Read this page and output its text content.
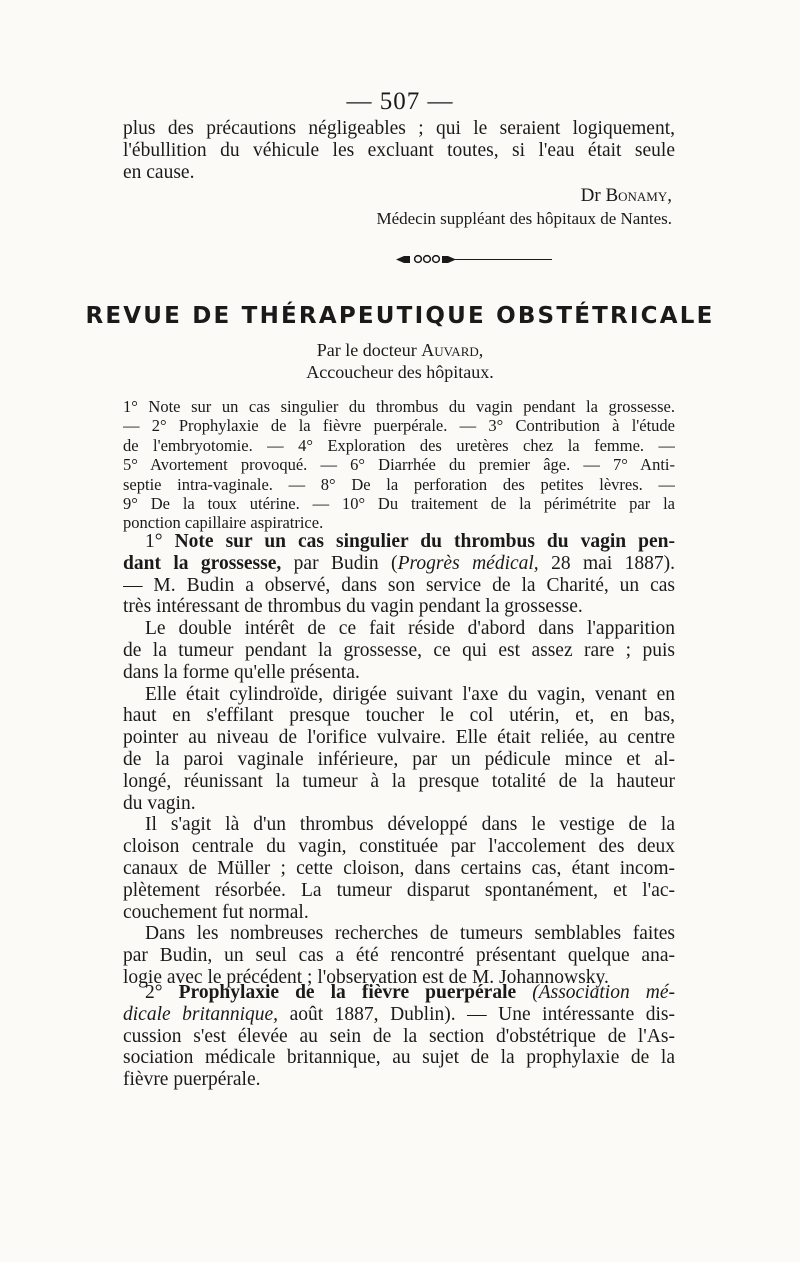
— 507 —
plus des précautions négligeables ; qui le seraient logiquement,
l'ébullition du véhicule les excluant toutes, si l'eau était seule
en cause.
Dr Bonamy,
Médecin suppléant des hôpitaux de Nantes.
REVUE DE THÉRAPEUTIQUE OBSTÉTRICALE
Par le docteur Auvard,
Accoucheur des hôpitaux.
1° Note sur un cas singulier du thrombus du vagin pendant la grossesse.
— 2° Prophylaxie de la fièvre puerpérale. — 3° Contribution à l'étude
de l'embryotomie. — 4° Exploration des uretères chez la femme. —
5° Avortement provoqué. — 6° Diarrhée du premier âge. — 7° Anti-
septie intra-vaginale. — 8° De la perforation des petites lèvres. —
9° De la toux utérine. — 10° Du traitement de la périmétrite par la
ponction capillaire aspiratrice.
1° Note sur un cas singulier du thrombus du vagin pen-
dant la grossesse, par Budin (Progrès médical, 28 mai 1887).
— M. Budin a observé, dans son service de la Charité, un cas
très intéressant de thrombus du vagin pendant la grossesse.
Le double intérêt de ce fait réside d'abord dans l'apparition
de la tumeur pendant la grossesse, ce qui est assez rare ; puis
dans la forme qu'elle présenta.
Elle était cylindroïde, dirigée suivant l'axe du vagin, venant en
haut en s'effilant presque toucher le col utérin, et, en bas,
pointer au niveau de l'orifice vulvaire. Elle était reliée, au centre
de la paroi vaginale inférieure, par un pédicule mince et al-
longé, réunissant la tumeur à la presque totalité de la hauteur
du vagin.
Il s'agit là d'un thrombus développé dans le vestige de la
cloison centrale du vagin, constituée par l'accolement des deux
canaux de Müller ; cette cloison, dans certains cas, étant incom-
plètement résorbée. La tumeur disparut spontanément, et l'ac-
couchement fut normal.
Dans les nombreuses recherches de tumeurs semblables faites
par Budin, un seul cas a été rencontré présentant quelque ana-
logie avec le précédent ; l'observation est de M. Johannowsky.
2° Prophylaxie de la fièvre puerpérale (Association mé-
dicale britannique, août 1887, Dublin). — Une intéressante dis-
cussion s'est élevée au sein de la section d'obstétrique de l'As-
sociation médicale britannique, au sujet de la prophylaxie de la
fièvre puerpérale.
